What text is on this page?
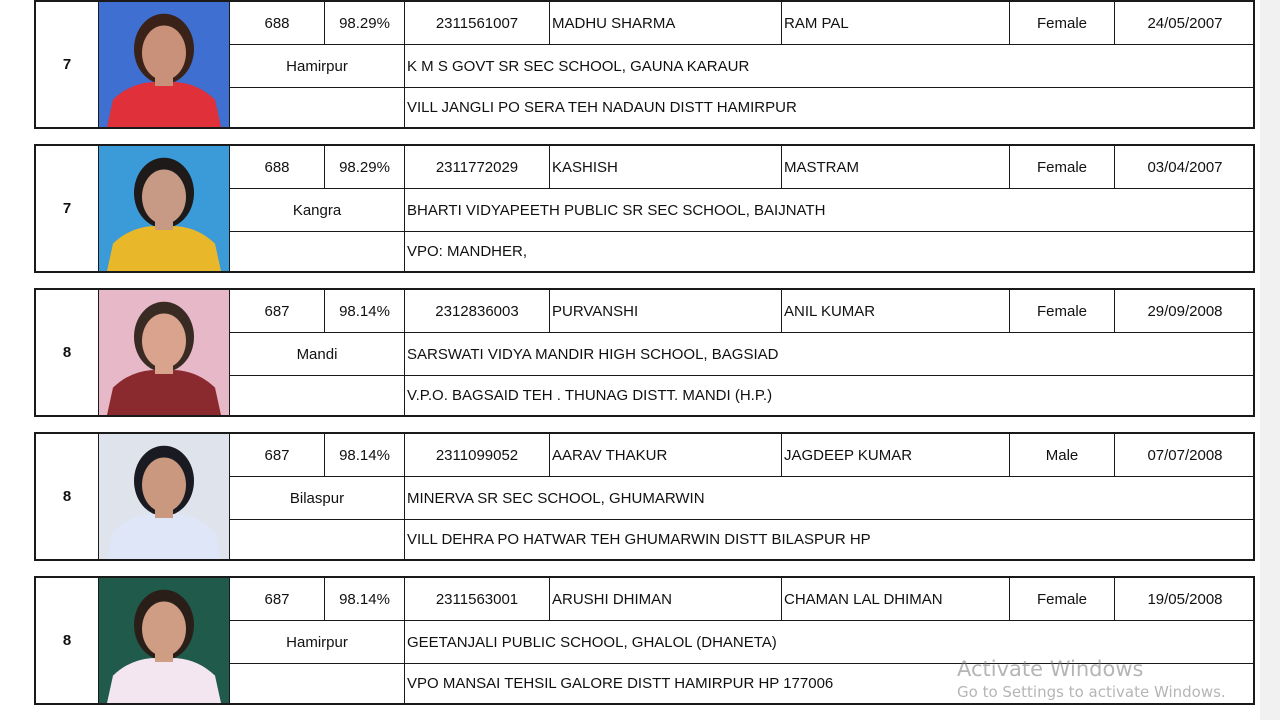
7
688	98.29%	2311561007	MADHU SHARMA	RAM PAL	Female	24/05/2007
Hamirpur	K M S GOVT SR SEC SCHOOL, GAUNA KARAUR
VILL JANGLI PO SERA TEH NADAUN DISTT HAMIRPUR
7
688	98.29%	2311772029	KASHISH	MASTRAM	Female	03/04/2007
Kangra	BHARTI VIDYAPEETH PUBLIC SR SEC SCHOOL, BAIJNATH
VPO: MANDHER,
8
687	98.14%	2312836003	PURVANSHI	ANIL KUMAR	Female	29/09/2008
Mandi	SARSWATI VIDYA MANDIR HIGH SCHOOL, BAGSIAD
V.P.O. BAGSAID TEH . THUNAG DISTT. MANDI (H.P.)
8
687	98.14%	2311099052	AARAV THAKUR	JAGDEEP KUMAR	Male	07/07/2008
Bilaspur	MINERVA SR SEC SCHOOL, GHUMARWIN
VILL DEHRA PO HATWAR TEH GHUMARWIN DISTT BILASPUR HP
8
687	98.14%	2311563001	ARUSHI DHIMAN	CHAMAN LAL DHIMAN	Female	19/05/2008
Hamirpur	GEETANJALI PUBLIC SCHOOL, GHALOL (DHANETA)
VPO MANSAI TEHSIL GALORE DISTT HAMIRPUR HP 177006
Activate Windows
Go to Settings to activate Windows.
